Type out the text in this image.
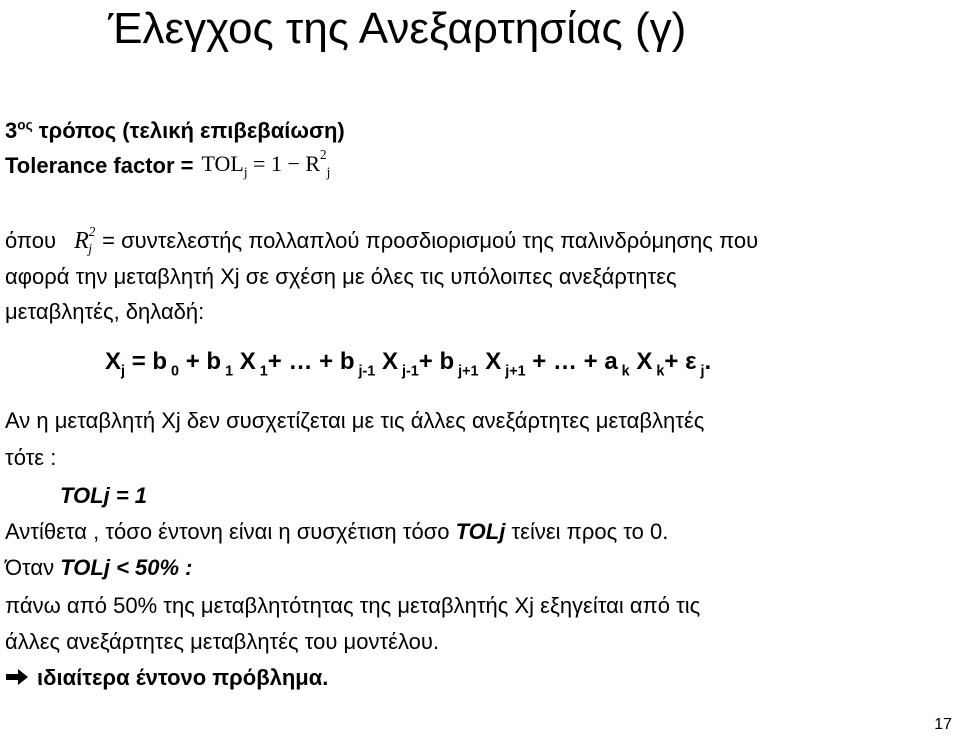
Έλεγχος της Ανεξαρτησίας (γ)
$3^{o\varsigma}$ τρόπος (τελική επιβεβαίωση)
Tolerance factor = $TOL_j = 1 - R^2_j$
όπου $R^2_j = \sigma\upsilon\nu\tau\varepsilon\lambda\varepsilon\sigma\tau ή\varsigma$ πολλαπλού προσδιορισμού της παλινδρόμησης που
αφορά την μεταβλητή Xj σε σχέση με όλες τις υπόλοιπες ανεξάρτητες
μεταβλητές, δηλαδή:
$X_j = b$ $_0$ + b $_1$ X $_1$+ … + b $_{j-1}$ X $_{j-1}$+ b $_{j+1}$ X $_{j+1}$ + … + a $_k$ X $_k$+ ε $_j$.
Αν η μεταβλητή Xj δεν συσχετίζεται με τις άλλες ανεξάρτητες μεταβλητές
τότε :
TOLj = 1
Αντίθετα , τόσο έντονη είναι η συσχέτιση τόσο TOLj τείνει προς το 0.
Όταν TOLj < 50% :
πάνω από 50% της μεταβλητότητας της μεταβλητής Xj εξηγείται από τις
άλλες ανεξάρτητες μεταβλητές του μοντέλου.
ιδιαίτερα έντονο πρόβλημα.
17
